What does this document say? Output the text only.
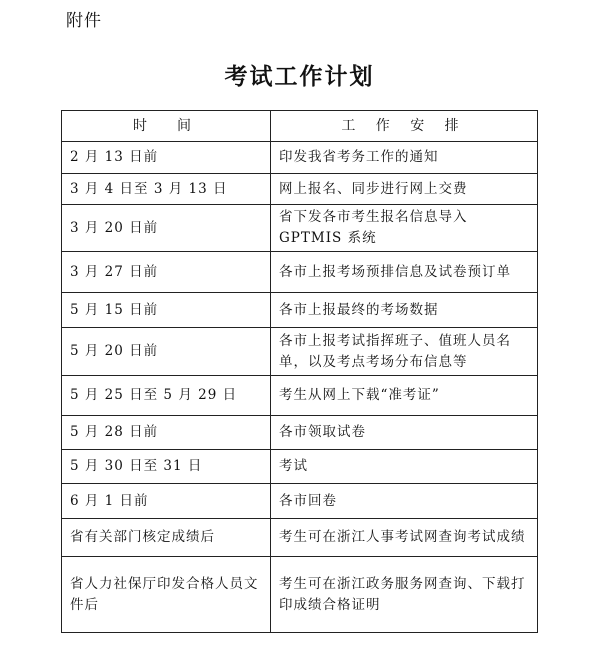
附件
考试工作计划
时　间	工 作 安 排
2 月 13 日前	印发我省考务工作的通知
3 月 4 日至 3 月 13 日	网上报名、同步进行网上交费
3 月 20 日前	省下发各市考生报名信息导入 GPTMIS 系统
3 月 27 日前	各市上报考场预排信息及试卷预订单
5 月 15 日前	各市上报最终的考场数据
5 月 20 日前	各市上报考试指挥班子、值班人员名单，以及考点考场分布信息等
5 月 25 日至 5 月 29 日	考生从网上下载“准考证”
5 月 28 日前	各市领取试卷
5 月 30 日至 31 日	考试
6 月 1 日前	各市回卷
省有关部门核定成绩后	考生可在浙江人事考试网查询考试成绩
省人力社保厅印发合格人员文件后	考生可在浙江政务服务网查询、下载打印成绩合格证明
